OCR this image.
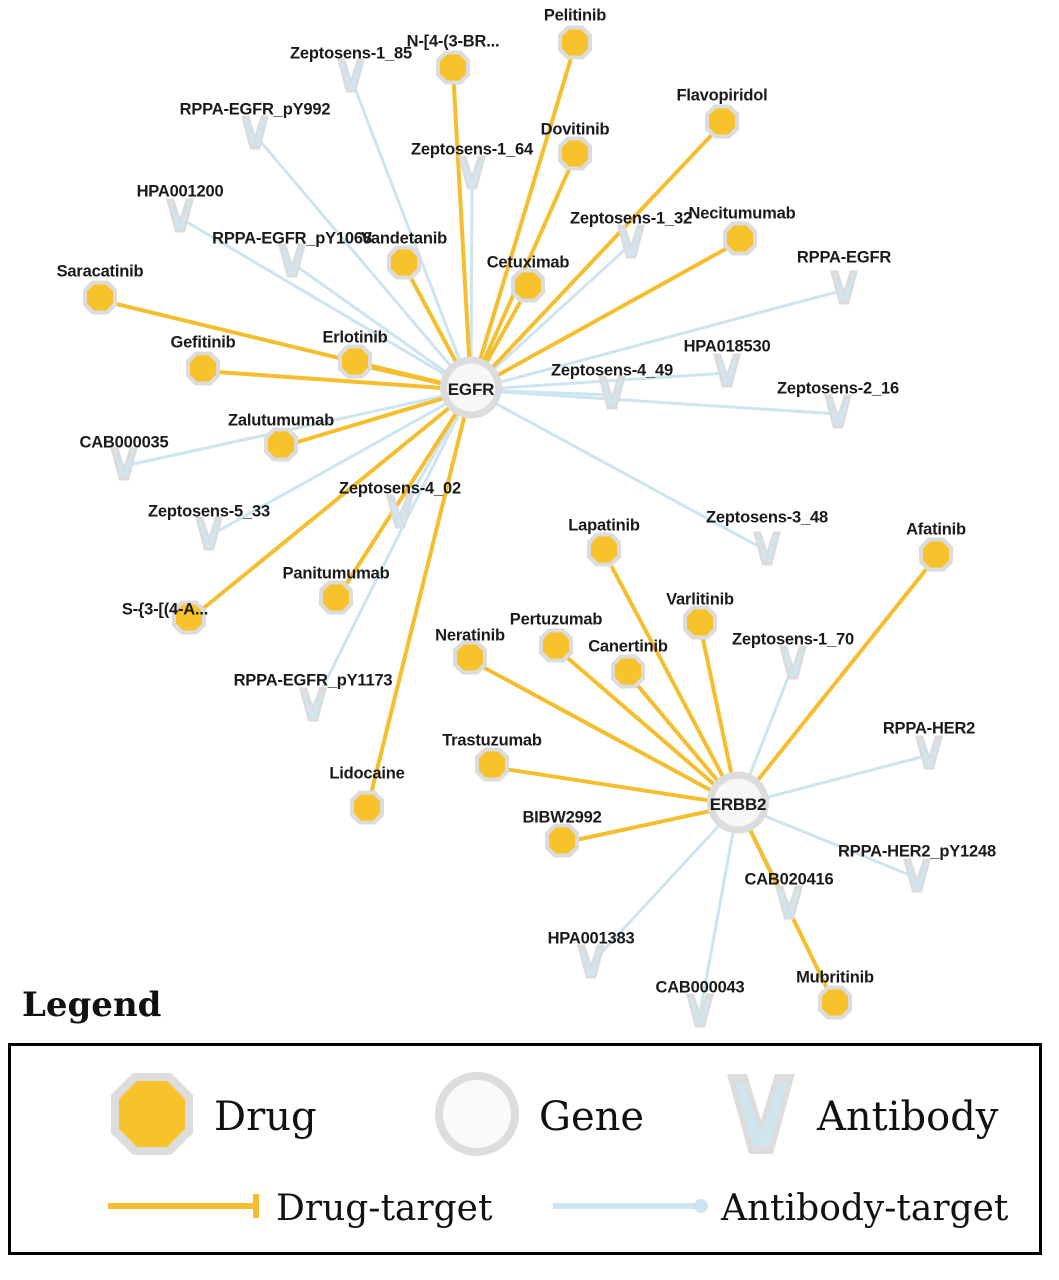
Zeptosens-1_85
RPPA-EGFR_pY992
Zeptosens-1_64
HPA001200
Zeptosens-1_32
RPPA-EGFR_pY1068
RPPA-EGFR
HPA018530
Zeptosens-4_49
Zeptosens-2_16
CAB000035
Zeptosens-4_02
Zeptosens-5_33	Zeptosens-3_48
Zeptosens-1_70
RPPA-EGFR_pY1173
RPPA-HER2
RPPA-HER2_pY1248
CAB020416
HPA001383
CAB000043
Pelitinib
N-[4-(3-BR...
Flavopiridol
Dovitinib
Necitumumab
Vandetanib
Cetuximab
Saracatinib
Erlotinib
Gefitinib
Zalutumumab
Afatinib
Lapatinib
Panitumumab
S-{3-[(4-A...
Varlitinib
Pertuzumab
Neratinib
Canertinib
Trastuzumab
Lidocaine
BIBW2992
Mubritinib
EGFR
ERBB2
Legend
Drug	Gene	Antibody
Drug-target	Antibody-target
